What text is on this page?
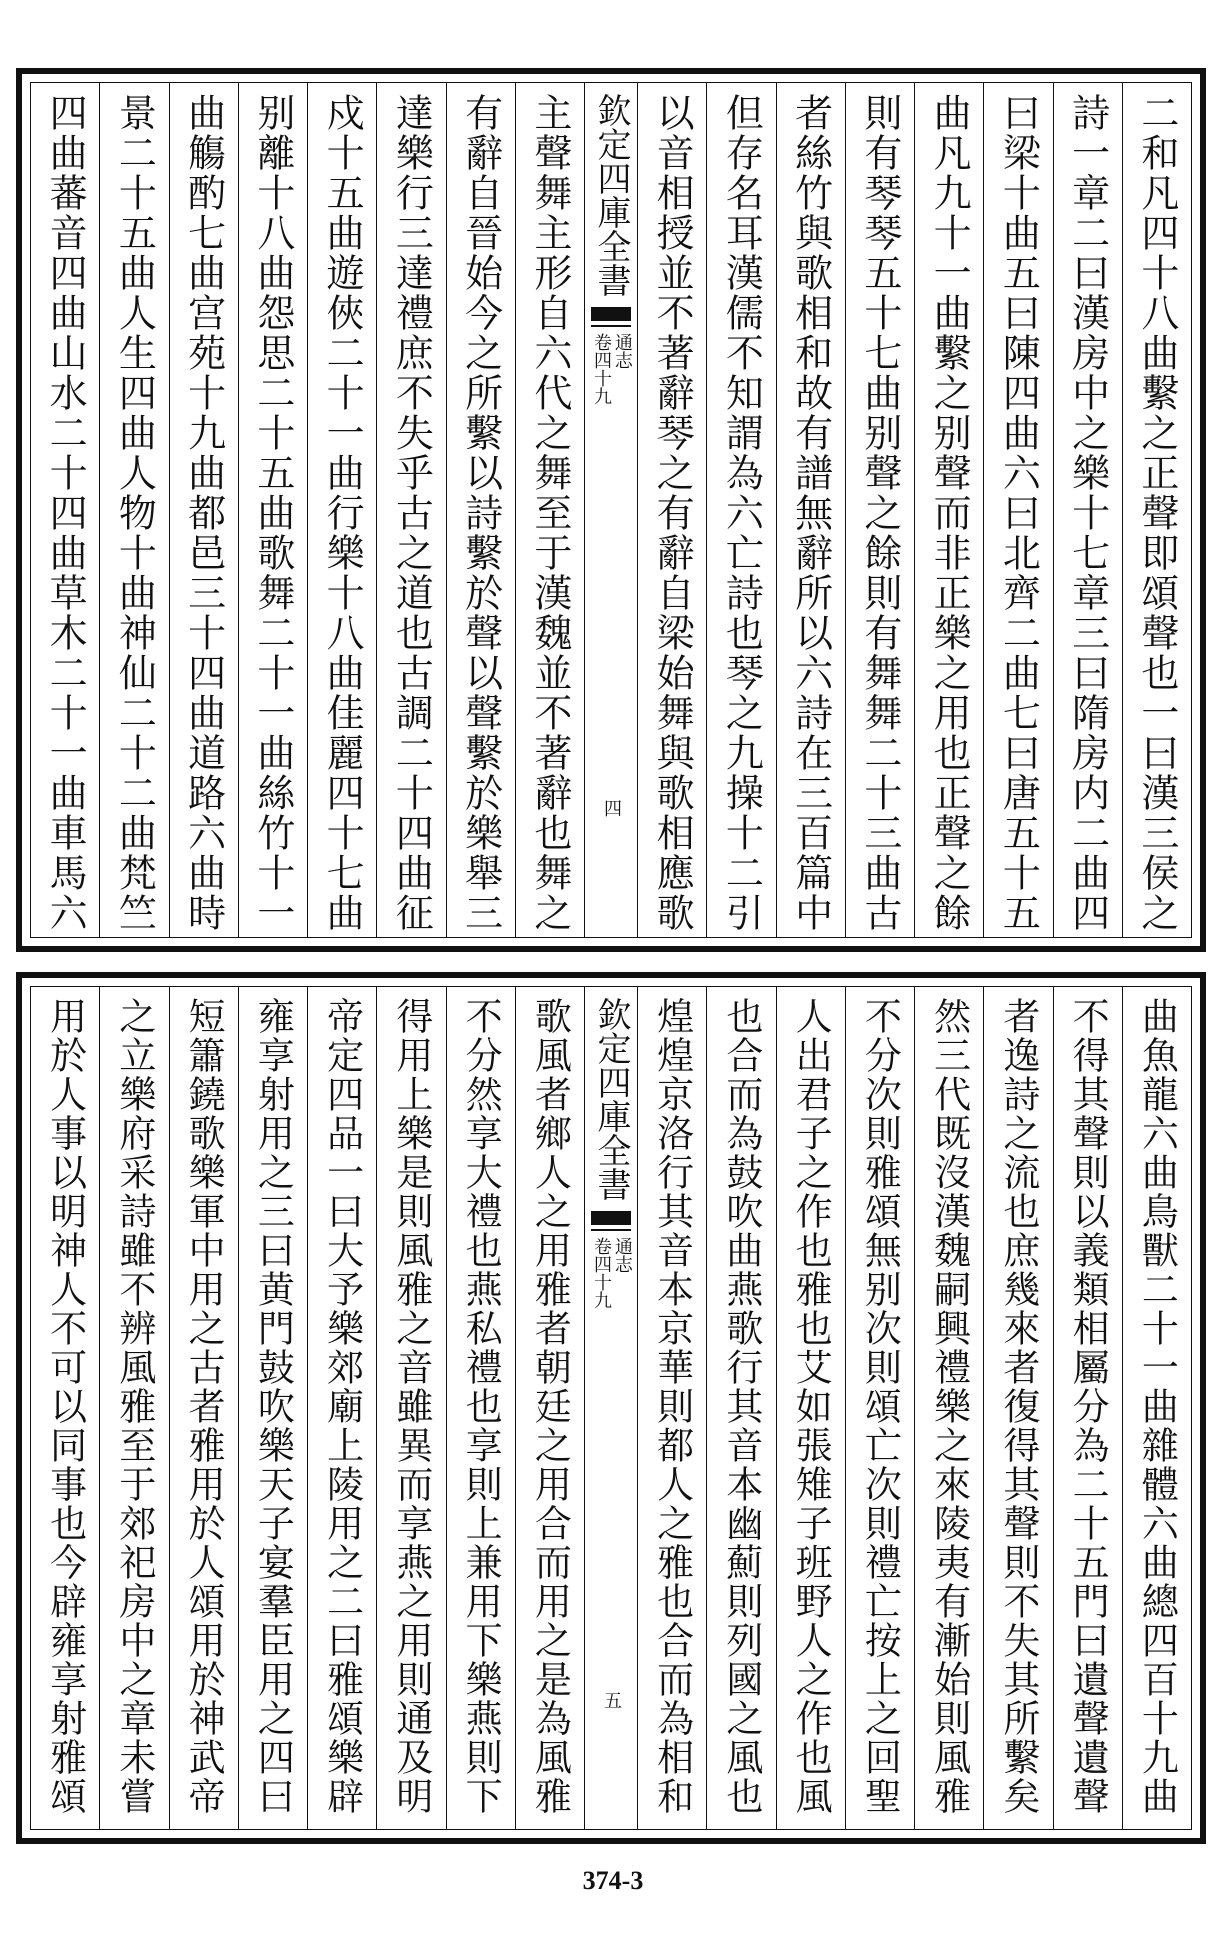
二和凡四十八曲繫之正聲即頌聲也一曰漢三侯之
詩一章二曰漢房中之樂十七章三曰隋房内二曲四
曰梁十曲五曰陳四曲六曰北齊二曲七曰唐五十五
曲凡九十一曲繫之别聲而非正樂之用也正聲之餘
則有琴琴五十七曲别聲之餘則有舞舞二十三曲古
者絲竹與歌相和故有譜無辭所以六詩在三百篇中
但存名耳漢儒不知謂為六亡詩也琴之九操十二引
以音相授並不著辭琴之有辭自梁始舞與歌相應歌
欽定四庫全書
通志
卷四十九
四
主聲舞主形自六代之舞至于漢魏並不著辭也舞之
有辭自晉始今之所繫以詩繫於聲以聲繫於樂舉三
達樂行三達禮庶不失乎古之道也古調二十四曲征
戍十五曲遊俠二十一曲行樂十八曲佳麗四十七曲
别離十八曲怨思二十五曲歌舞二十一曲絲竹十一
曲觴酌七曲宫苑十九曲都邑三十四曲道路六曲時
景二十五曲人生四曲人物十曲神仙二十二曲梵竺
四曲蕃音四曲山水二十四曲草木二十一曲車馬六
曲魚龍六曲鳥獸二十一曲雜體六曲總四百十九曲
不得其聲則以義類相屬分為二十五門曰遺聲遺聲
者逸詩之流也庶幾來者復得其聲則不失其所繫矣
然三代既沒漢魏嗣興禮樂之來陵夷有漸始則風雅
不分次則雅頌無别次則頌亡次則禮亡按上之回聖
人出君子之作也雅也艾如張雉子班野人之作也風
也合而為鼓吹曲燕歌行其音本幽薊則列國之風也
煌煌京洛行其音本京華則都人之雅也合而為相和
欽定四庫全書
通志
卷四十九
五
歌風者鄉人之用雅者朝廷之用合而用之是為風雅
不分然享大禮也燕私禮也享則上兼用下樂燕則下
得用上樂是則風雅之音雖異而享燕之用則通及明
帝定四品一曰大予樂郊廟上陵用之二曰雅頌樂辟
雍享射用之三曰黄門鼓吹樂天子宴羣臣用之四曰
短簫鐃歌樂軍中用之古者雅用於人頌用於神武帝
之立樂府采詩雖不辨風雅至于郊祀房中之章未嘗
用於人事以明神人不可以同事也今辟雍享射雅頌
374-3
